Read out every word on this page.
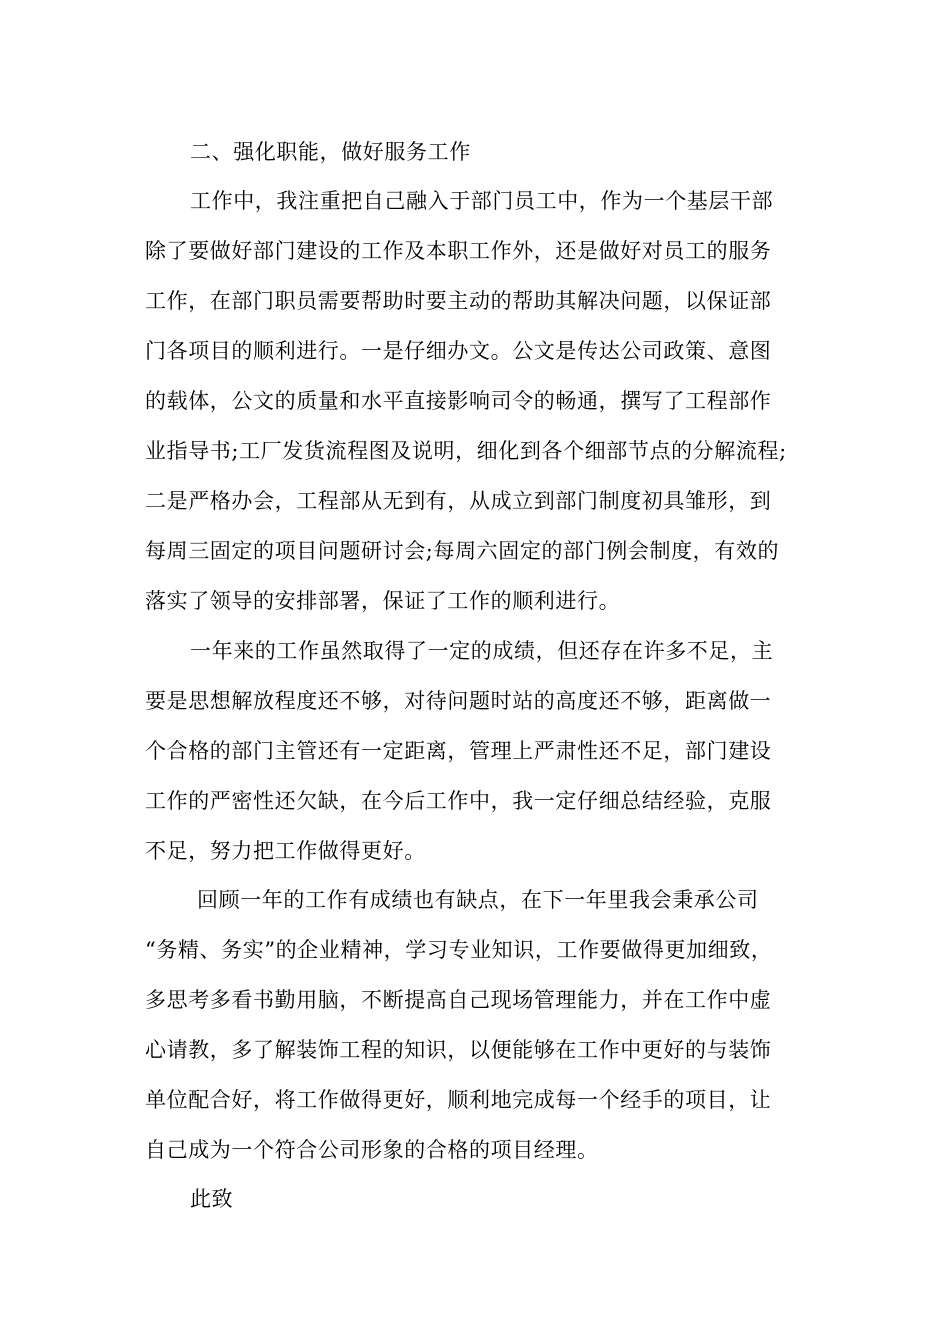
二、强化职能，做好服务工作
工作中，我注重把自己融入于部门员工中，作为一个基层干部
除了要做好部门建设的工作及本职工作外，还是做好对员工的服务
工作，在部门职员需要帮助时要主动的帮助其解决问题，以保证部
门各项目的顺利进行。一是仔细办文。公文是传达公司政策、意图
的载体，公文的质量和水平直接影响司令的畅通，撰写了工程部作
业指导书;工厂发货流程图及说明，细化到各个细部节点的分解流程;
二是严格办会，工程部从无到有，从成立到部门制度初具雏形，到
每周三固定的项目问题研讨会;每周六固定的部门例会制度，有效的
落实了领导的安排部署，保证了工作的顺利进行。
一年来的工作虽然取得了一定的成绩，但还存在许多不足，主
要是思想解放程度还不够，对待问题时站的高度还不够，距离做一
个合格的部门主管还有一定距离，管理上严肃性还不足，部门建设
工作的严密性还欠缺，在今后工作中，我一定仔细总结经验，克服
不足，努力把工作做得更好。
回顾一年的工作有成绩也有缺点，在下一年里我会秉承公司
“务精、务实”的企业精神，学习专业知识，工作要做得更加细致，
多思考多看书勤用脑，不断提高自己现场管理能力，并在工作中虚
心请教，多了解装饰工程的知识，以便能够在工作中更好的与装饰
单位配合好，将工作做得更好，顺利地完成每一个经手的项目，让
自己成为一个符合公司形象的合格的项目经理。
此致
